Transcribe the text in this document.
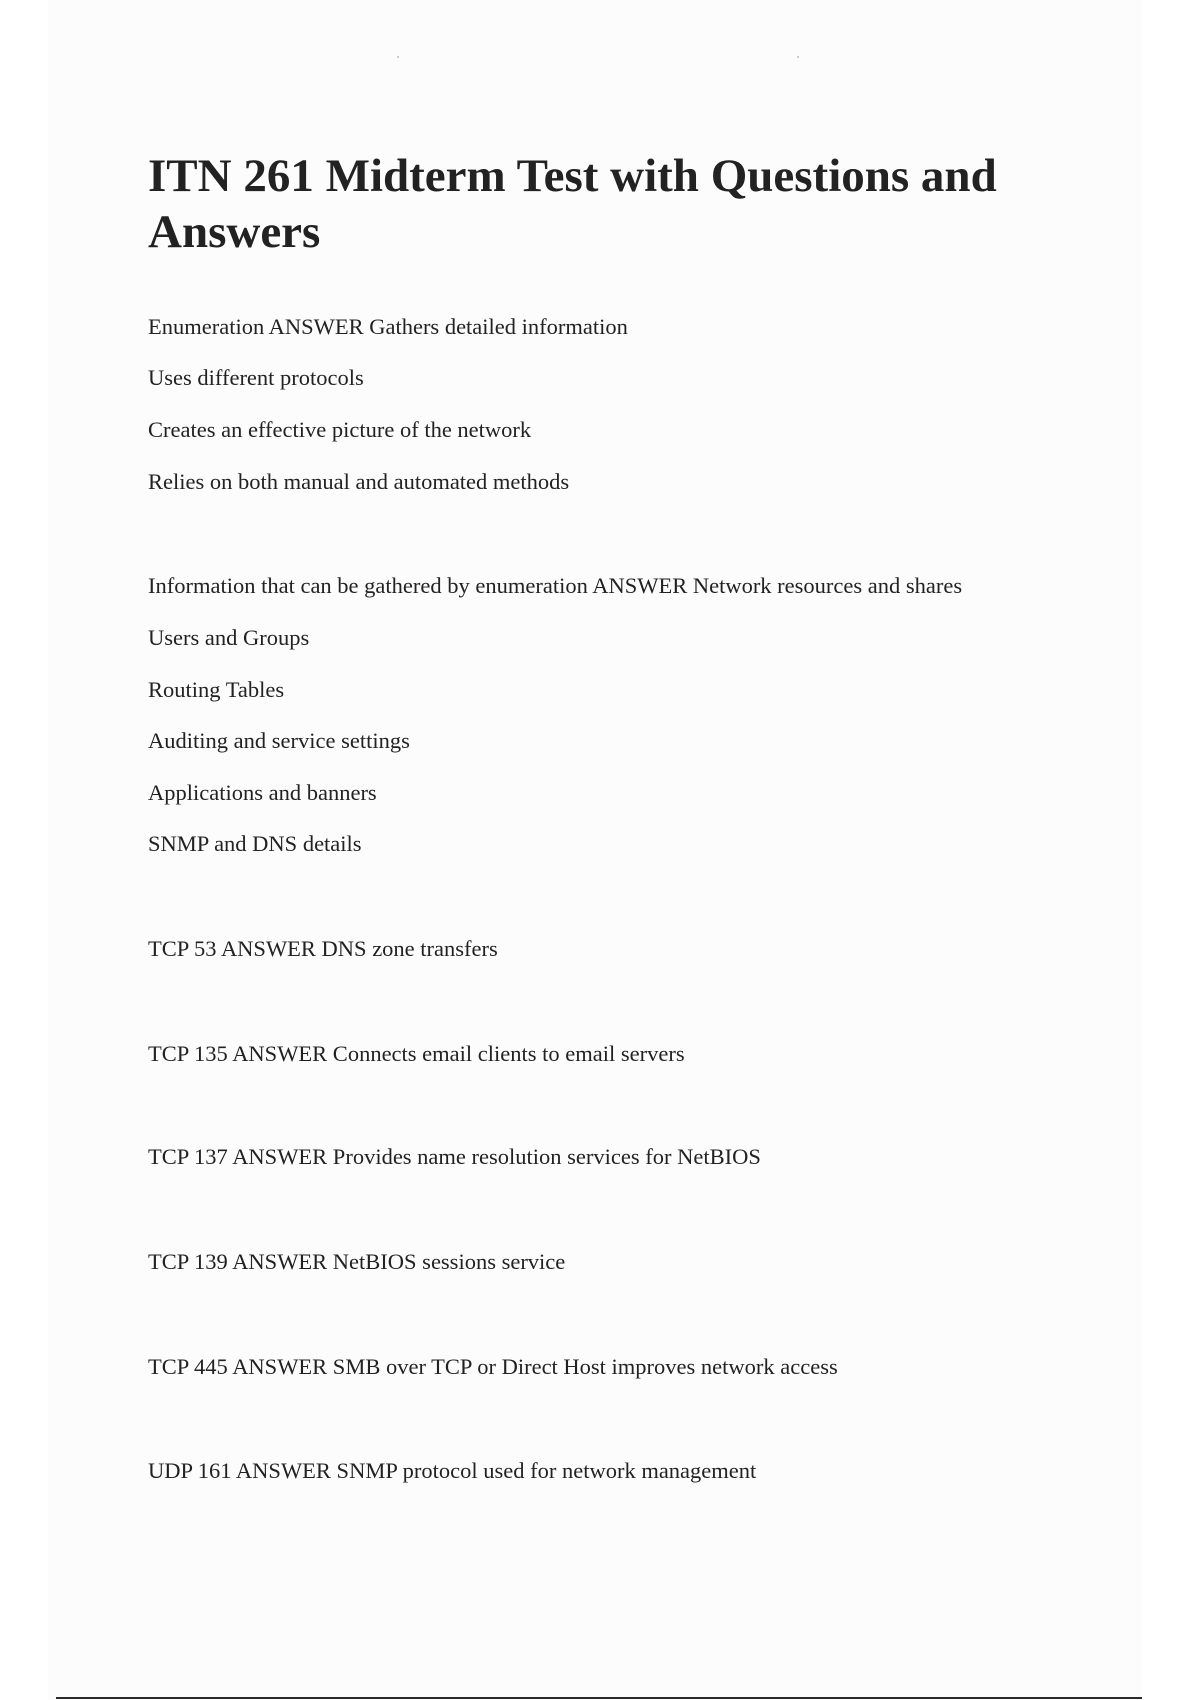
ITN 261 Midterm Test with Questions and Answers

Enumeration ANSWER Gathers detailed information

Uses different protocols

Creates an effective picture of the network

Relies on both manual and automated methods

Information that can be gathered by enumeration ANSWER Network resources and shares

Users and Groups

Routing Tables

Auditing and service settings

Applications and banners

SNMP and DNS details

TCP 53 ANSWER DNS zone transfers

TCP 135 ANSWER Connects email clients to email servers

TCP 137 ANSWER Provides name resolution services for NetBIOS

TCP 139 ANSWER NetBIOS sessions service

TCP 445 ANSWER SMB over TCP or Direct Host improves network access

UDP 161 ANSWER SNMP protocol used for network management
